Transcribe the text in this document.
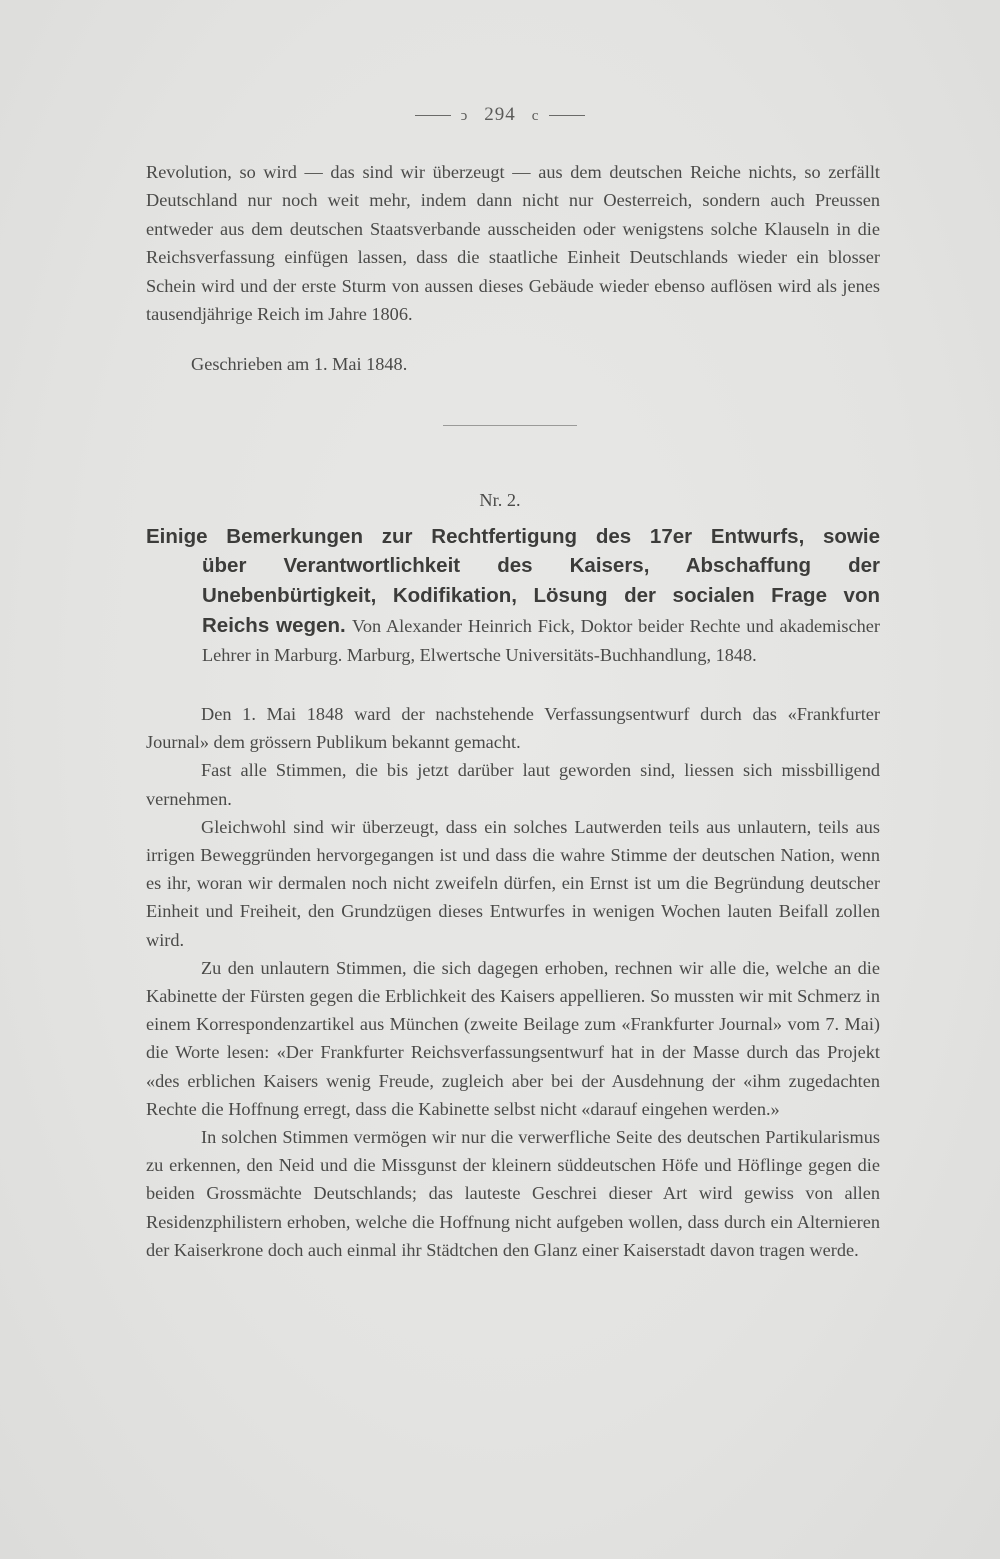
ↄ 294 c

Revolution, so wird — das sind wir überzeugt — aus dem deutschen Reiche nichts, so zerfällt Deutschland nur noch weit mehr, indem dann nicht nur Oesterreich, sondern auch Preussen entweder aus dem deutschen Staatsverbande ausscheiden oder wenigstens solche Klauseln in die Reichsverfassung einfügen lassen, dass die staatliche Einheit Deutschlands wieder ein blosser Schein wird und der erste Sturm von aussen dieses Gebäude wieder ebenso auflösen wird als jenes tausendjährige Reich im Jahre 1806.

Geschrieben am 1. Mai 1848.
Nr. 2.

Einige Bemerkungen zur Rechtfertigung des 17er Entwurfs, sowie

über Verantwortlichkeit des Kaisers, Abschaffung der Unebenbürtigkeit, Kodifikation, Lösung der socialen Frage von Reichs wegen. Von Alexander Heinrich Fick, Doktor beider Rechte und akademischer Lehrer in Marburg. Marburg, Elwertsche Universitäts-Buchhandlung, 1848.

Den 1. Mai 1848 ward der nachstehende Verfassungsentwurf durch das «Frankfurter Journal» dem grössern Publikum bekannt gemacht.

Fast alle Stimmen, die bis jetzt darüber laut geworden sind, liessen sich missbilligend vernehmen.

Gleichwohl sind wir überzeugt, dass ein solches Lautwerden teils aus unlautern, teils aus irrigen Beweggründen hervorgegangen ist und dass die wahre Stimme der deutschen Nation, wenn es ihr, woran wir dermalen noch nicht zweifeln dürfen, ein Ernst ist um die Begründung deutscher Einheit und Freiheit, den Grundzügen dieses Entwurfes in wenigen Wochen lauten Beifall zollen wird.

Zu den unlautern Stimmen, die sich dagegen erhoben, rechnen wir alle die, welche an die Kabinette der Fürsten gegen die Erblichkeit des Kaisers appellieren. So mussten wir mit Schmerz in einem Korrespondenzartikel aus München (zweite Beilage zum «Frankfurter Journal» vom 7. Mai) die Worte lesen: «Der Frankfurter Reichsverfassungsentwurf hat in der Masse durch das Projekt «des erblichen Kaisers wenig Freude, zugleich aber bei der Ausdehnung der «ihm zugedachten Rechte die Hoffnung erregt, dass die Kabinette selbst nicht «darauf eingehen werden.»

In solchen Stimmen vermögen wir nur die verwerfliche Seite des deutschen Partikularismus zu erkennen, den Neid und die Missgunst der kleinern süddeutschen Höfe und Höflinge gegen die beiden Grossmächte Deutschlands; das lauteste Geschrei dieser Art wird gewiss von allen Residenzphilistern erhoben, welche die Hoffnung nicht aufgeben wollen, dass durch ein Alternieren der Kaiserkrone doch auch einmal ihr Städtchen den Glanz einer Kaiserstadt davon tragen werde.
